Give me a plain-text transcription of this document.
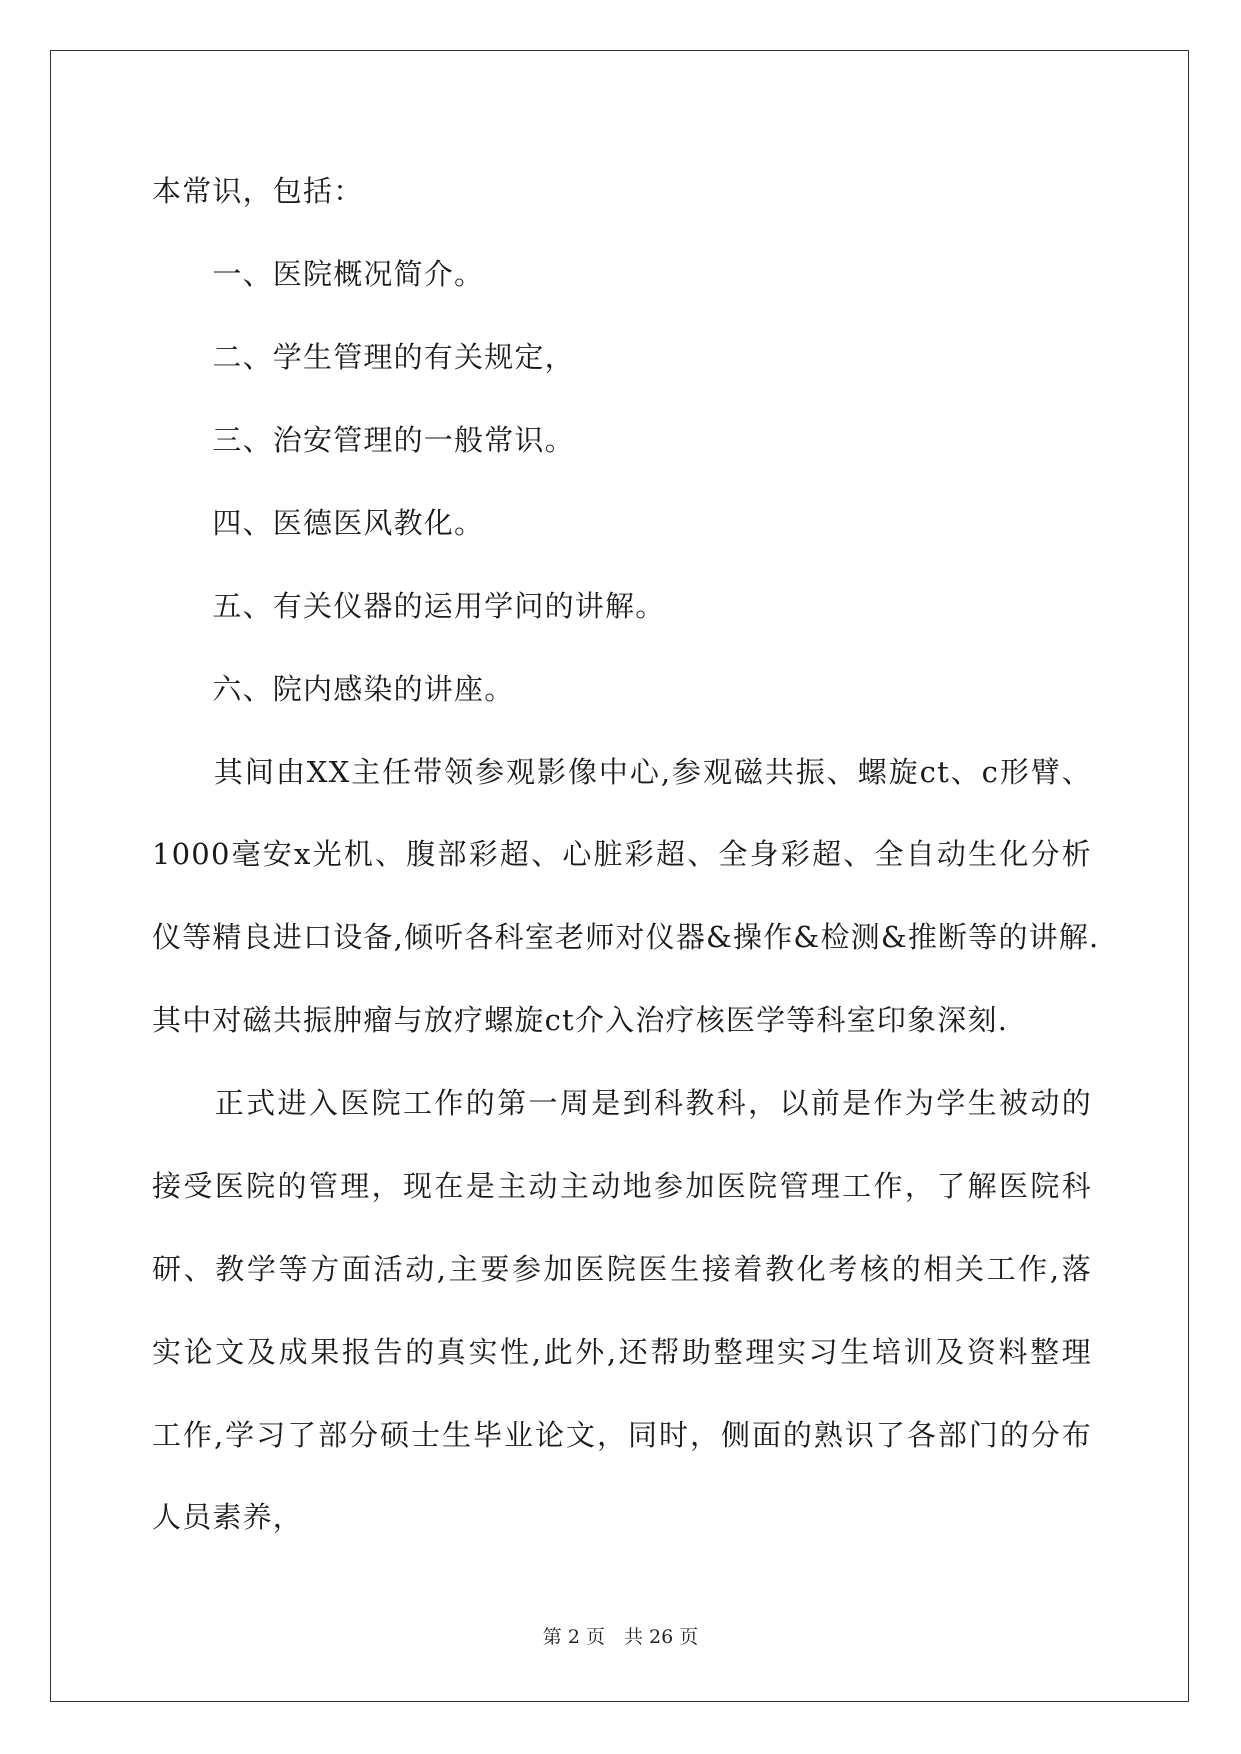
本常识，包括：
　　一、医院概况简介。
　　二、学生管理的有关规定，
　　三、治安管理的一般常识。
　　四、医德医风教化。
　　五、有关仪器的运用学问的讲解。
　　六、院内感染的讲座。
　　其间由XX主任带领参观影像中心,参观磁共振、螺旋ct、c形臂、
1000毫安x光机、腹部彩超、心脏彩超、全身彩超、全自动生化分析
仪等精良进口设备,倾听各科室老师对仪器&操作&检测&推断等的讲解.
其中对磁共振肿瘤与放疗螺旋ct介入治疗核医学等科室印象深刻.
　　正式进入医院工作的第一周是到科教科，以前是作为学生被动的
接受医院的管理，现在是主动主动地参加医院管理工作，了解医院科
研、教学等方面活动,主要参加医院医生接着教化考核的相关工作,落
实论文及成果报告的真实性,此外,还帮助整理实习生培训及资料整理
工作,学习了部分硕士生毕业论文，同时，侧面的熟识了各部门的分布
人员素养，
第 2 页　共 26 页
